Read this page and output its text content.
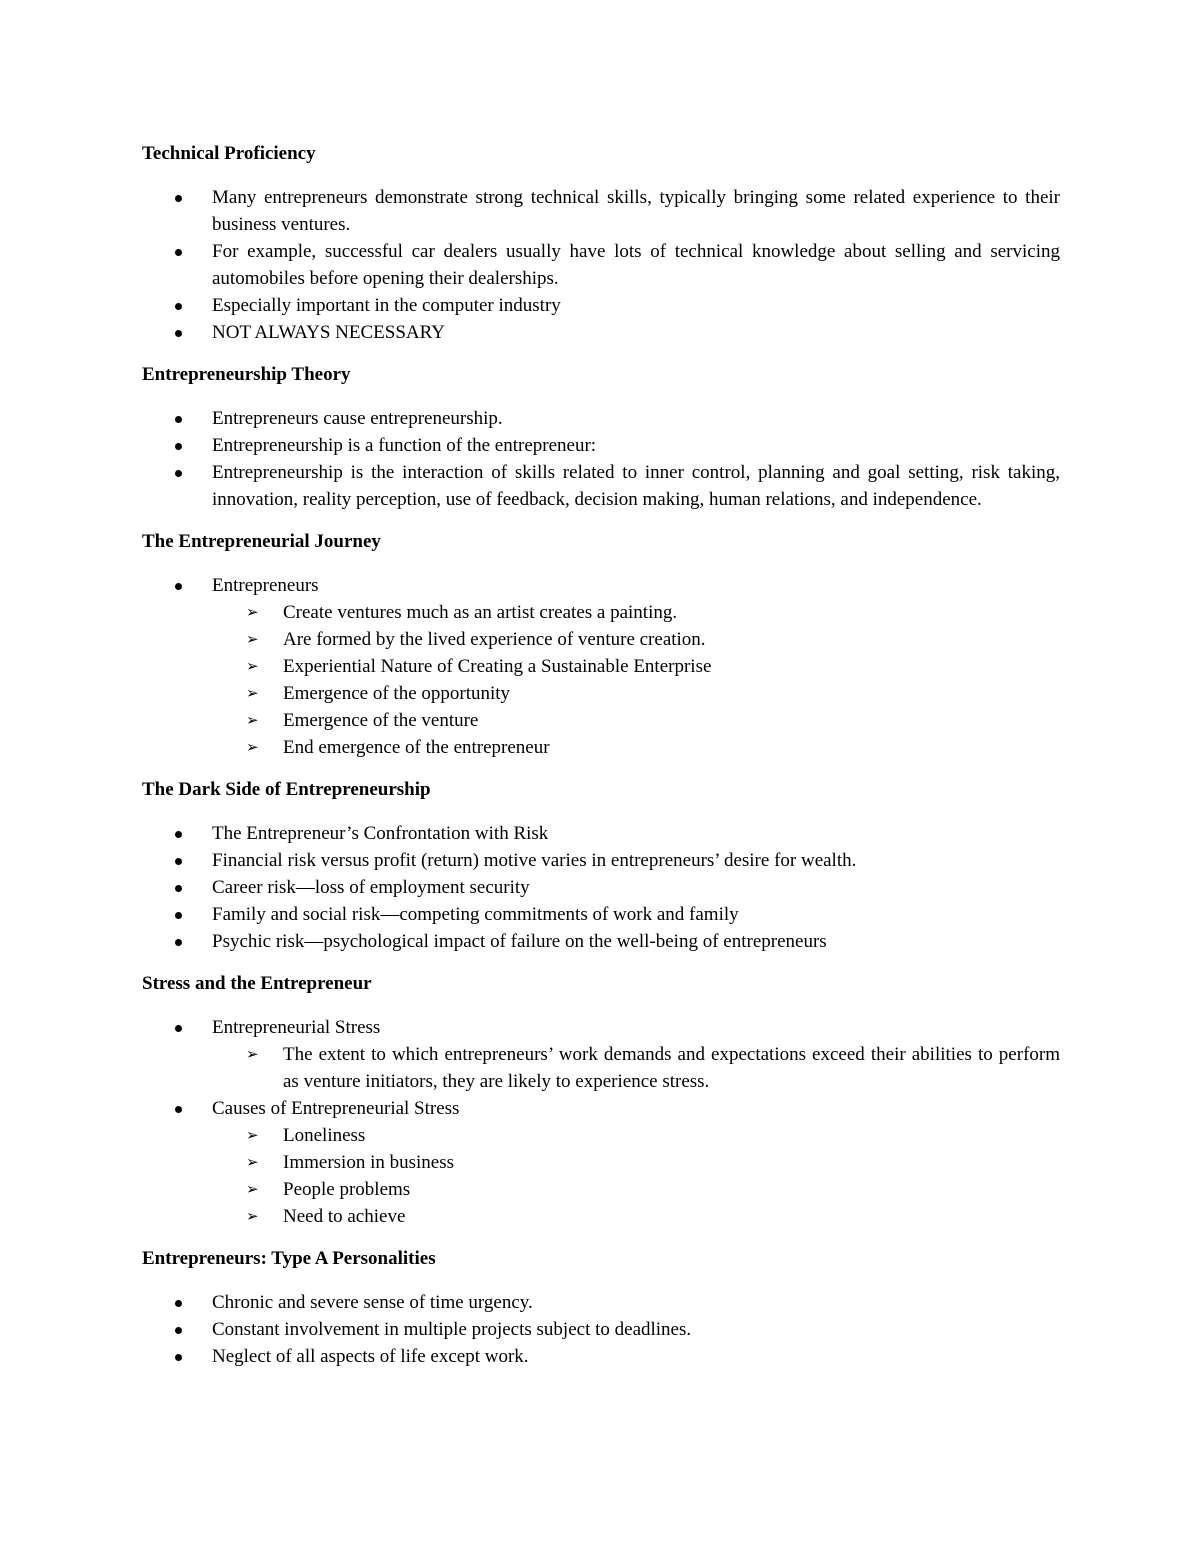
Technical Proficiency
Many entrepreneurs demonstrate strong technical skills, typically bringing some related experience to their business ventures.
For example, successful car dealers usually have lots of technical knowledge about selling and servicing automobiles before opening their dealerships.
Especially important in the computer industry
NOT ALWAYS NECESSARY
Entrepreneurship Theory
Entrepreneurs cause entrepreneurship.
Entrepreneurship is a function of the entrepreneur:
Entrepreneurship is the interaction of skills related to inner control, planning and goal setting, risk taking, innovation, reality perception, use of feedback, decision making, human relations, and independence.
The Entrepreneurial Journey
Entrepreneurs
➢ Create ventures much as an artist creates a painting.
➢ Are formed by the lived experience of venture creation.
➢ Experiential Nature of Creating a Sustainable Enterprise
➢ Emergence of the opportunity
➢ Emergence of the venture
➢ End emergence of the entrepreneur
The Dark Side of Entrepreneurship
The Entrepreneur’s Confrontation with Risk
Financial risk versus profit (return) motive varies in entrepreneurs’ desire for wealth.
Career risk—loss of employment security
Family and social risk—competing commitments of work and family
Psychic risk—psychological impact of failure on the well-being of entrepreneurs
Stress and the Entrepreneur
Entrepreneurial Stress
➢ The extent to which entrepreneurs’ work demands and expectations exceed their abilities to perform as venture initiators, they are likely to experience stress.
Causes of Entrepreneurial Stress
➢ Loneliness
➢ Immersion in business
➢ People problems
➢ Need to achieve
Entrepreneurs: Type A Personalities
Chronic and severe sense of time urgency.
Constant involvement in multiple projects subject to deadlines.
Neglect of all aspects of life except work.
